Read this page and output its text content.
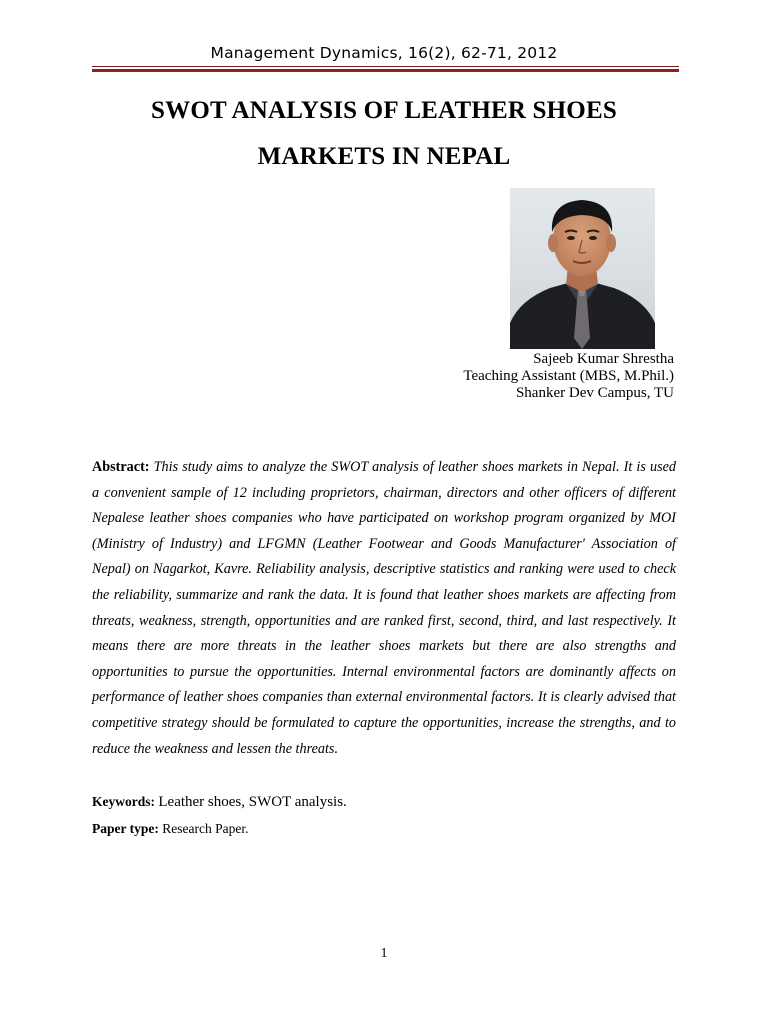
Management Dynamics, 16(2), 62-71, 2012
SWOT ANALYSIS OF LEATHER SHOES
MARKETS IN NEPAL
Sajeeb Kumar Shrestha
Teaching Assistant (MBS, M.Phil.)
Shanker Dev Campus, TU
Abstract: This study aims to analyze the SWOT analysis of leather shoes markets in Nepal. It is used a convenient sample of 12 including proprietors, chairman, directors and other officers of different Nepalese leather shoes companies who have participated on workshop program organized by MOI (Ministry of Industry) and LFGMN (Leather Footwear and Goods Manufacturer' Association of Nepal) on Nagarkot, Kavre. Reliability analysis, descriptive statistics and ranking were used to check the reliability, summarize and rank the data. It is found that leather shoes markets are affecting from threats, weakness, strength, opportunities and are ranked first, second, third, and last respectively. It means there are more threats in the leather shoes markets but there are also strengths and opportunities to pursue the opportunities. Internal environmental factors are dominantly affects on performance of leather shoes companies than external environmental factors. It is clearly advised that competitive strategy should be formulated to capture the opportunities, increase the strengths, and to reduce the weakness and lessen the threats.
Keywords: Leather shoes, SWOT analysis.
Paper type: Research Paper.
1
